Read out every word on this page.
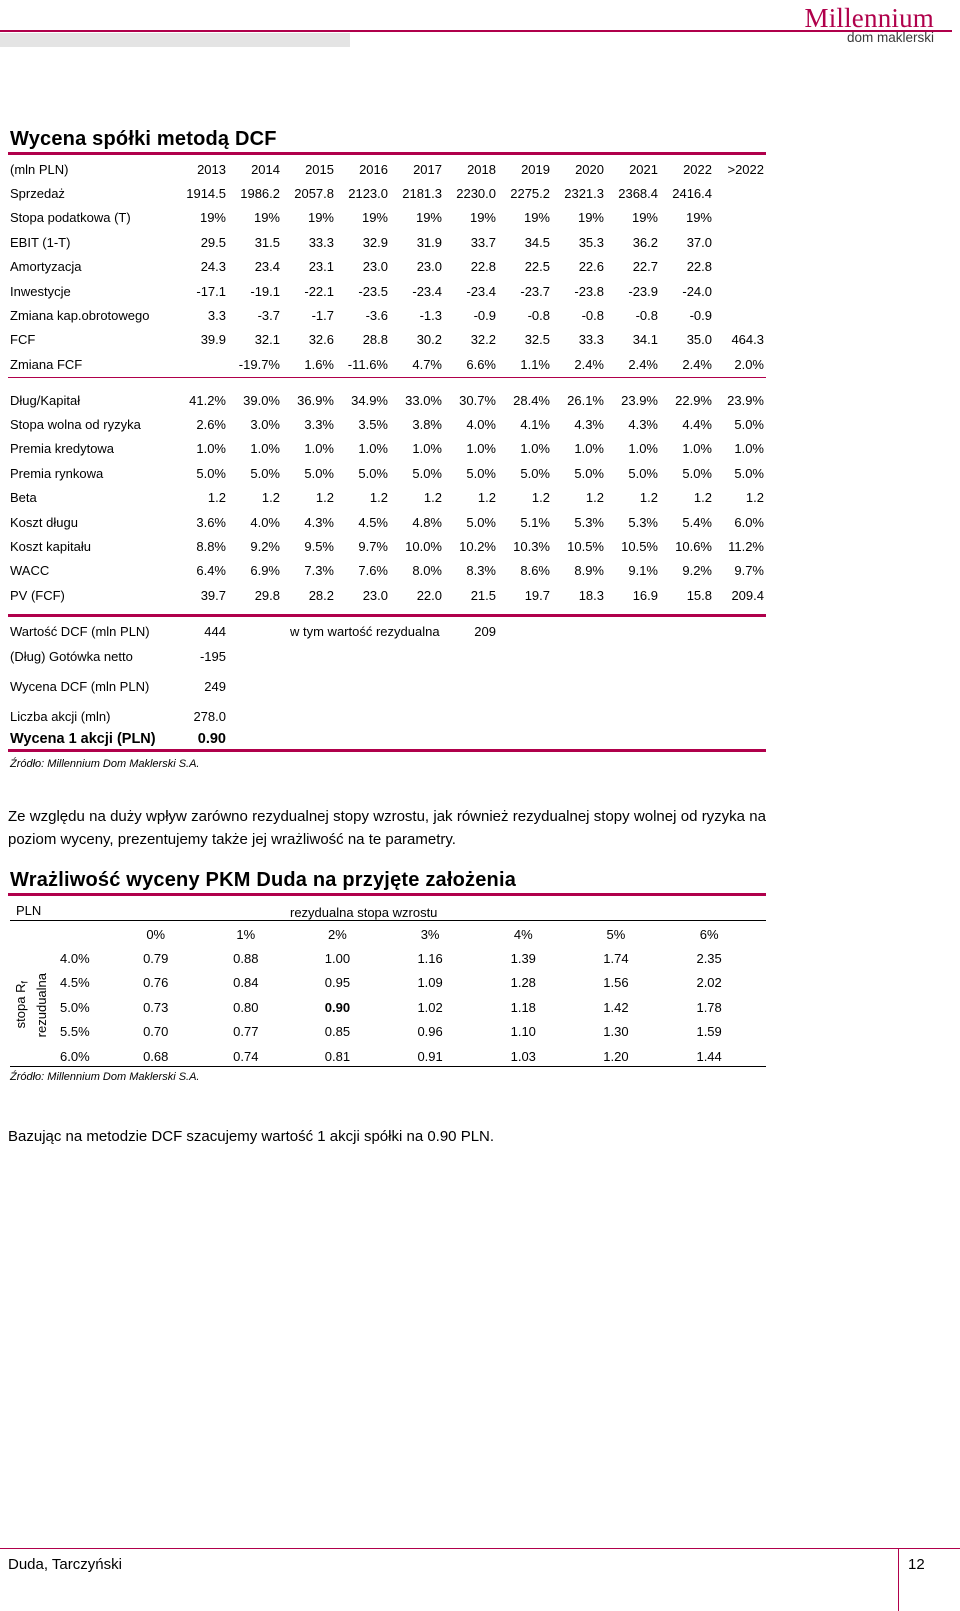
Millennium
dom maklerski
Wycena spółki metodą DCF
(mln PLN)	2013	2014	2015	2016	2017	2018	2019	2020	2021	2022	>2022
Sprzedaż	1914.5	1986.2	2057.8	2123.0	2181.3	2230.0	2275.2	2321.3	2368.4	2416.4	
Stopa podatkowa (T)	19%	19%	19%	19%	19%	19%	19%	19%	19%	19%	
EBIT (1-T)	29.5	31.5	33.3	32.9	31.9	33.7	34.5	35.3	36.2	37.0	
Amortyzacja	24.3	23.4	23.1	23.0	23.0	22.8	22.5	22.6	22.7	22.8	
Inwestycje	-17.1	-19.1	-22.1	-23.5	-23.4	-23.4	-23.7	-23.8	-23.9	-24.0	
Zmiana kap.obrotowego	3.3	-3.7	-1.7	-3.6	-1.3	-0.9	-0.8	-0.8	-0.8	-0.9	
FCF	39.9	32.1	32.6	28.8	30.2	32.2	32.5	33.3	34.1	35.0	464.3
Zmiana FCF		-19.7%	1.6%	-11.6%	4.7%	6.6%	1.1%	2.4%	2.4%	2.4%	2.0%
Dług/Kapitał	41.2%	39.0%	36.9%	34.9%	33.0%	30.7%	28.4%	26.1%	23.9%	22.9%	23.9%
Stopa wolna od ryzyka	2.6%	3.0%	3.3%	3.5%	3.8%	4.0%	4.1%	4.3%	4.3%	4.4%	5.0%
Premia kredytowa	1.0%	1.0%	1.0%	1.0%	1.0%	1.0%	1.0%	1.0%	1.0%	1.0%	1.0%
Premia rynkowa	5.0%	5.0%	5.0%	5.0%	5.0%	5.0%	5.0%	5.0%	5.0%	5.0%	5.0%
Beta	1.2	1.2	1.2	1.2	1.2	1.2	1.2	1.2	1.2	1.2	1.2
Koszt długu	3.6%	4.0%	4.3%	4.5%	4.8%	5.0%	5.1%	5.3%	5.3%	5.4%	6.0%
Koszt kapitału	8.8%	9.2%	9.5%	9.7%	10.0%	10.2%	10.3%	10.5%	10.5%	10.6%	11.2%
WACC	6.4%	6.9%	7.3%	7.6%	8.0%	8.3%	8.6%	8.9%	9.1%	9.2%	9.7%
PV (FCF)	39.7	29.8	28.2	23.0	22.0	21.5	19.7	18.3	16.9	15.8	209.4
Wartość DCF (mln PLN)	444	w tym wartość rezydualna	209
(Dług) Gotówka netto	-195
Wycena DCF (mln PLN)	249
Liczba akcji (mln)	278.0
Wycena 1 akcji (PLN)	0.90
Źródło: Millennium Dom Maklerski S.A.
Ze względu na duży wpływ zarówno rezydualnej stopy wzrostu, jak również rezydualnej stopy wolnej od ryzyka na poziom wyceny, prezentujemy także jej wrażliwość na te parametry.
Wrażliwość wyceny PKM Duda na przyjęte założenia
PLN	rezydualna stopa wzrostu
stopa $R_f$ rezudualna
	0%	1%	2%	3%	4%	5%	6%
4.0%	0.79	0.88	1.00	1.16	1.39	1.74	2.35
4.5%	0.76	0.84	0.95	1.09	1.28	1.56	2.02
5.0%	0.73	0.80	0.90	1.02	1.18	1.42	1.78
5.5%	0.70	0.77	0.85	0.96	1.10	1.30	1.59
6.0%	0.68	0.74	0.81	0.91	1.03	1.20	1.44
Źródło: Millennium Dom Maklerski S.A.
Bazując na metodzie DCF szacujemy wartość 1 akcji spółki na 0.90 PLN.
Duda, Tarczyński	12
